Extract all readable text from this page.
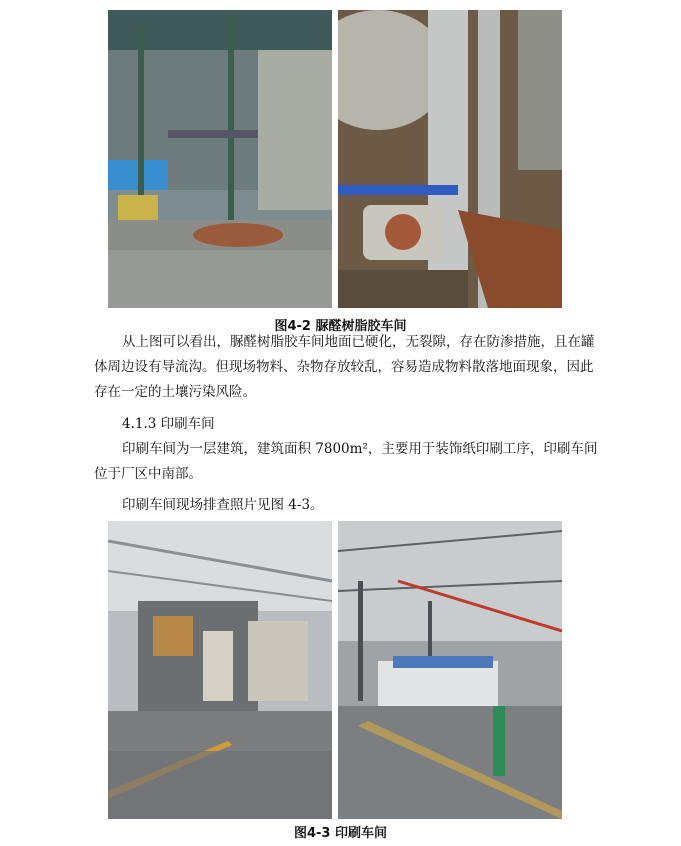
图4-2 脲醛树脂胶车间
从上图可以看出，脲醛树脂胶车间地面已硬化，无裂隙，存在防渗措施，且在罐体周边设有导流沟。但现场物料、杂物存放较乱，容易造成物料散落地面现象，因此存在一定的土壤污染风险。
4.1.3 印刷车间
印刷车间为一层建筑，建筑面积 7800m²，主要用于装饰纸印刷工序，印刷车间位于厂区中南部。
印刷车间现场排查照片见图 4-3。
图4-3 印刷车间
